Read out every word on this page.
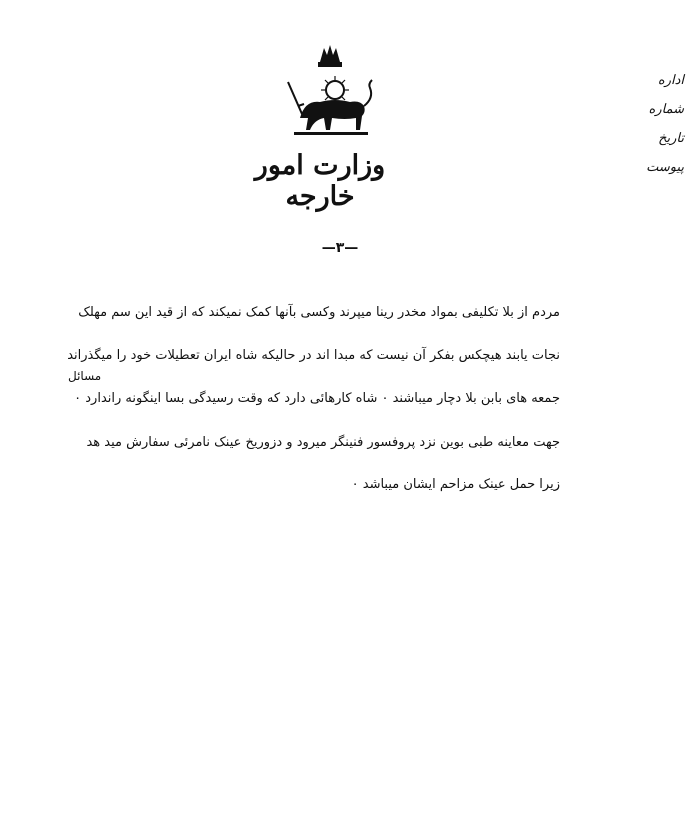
وزارت امور خارجه
اداره
شماره
تاریخ
پیوست
—۳—
مردم از بلا تکلیفی بمواد مخدر رینا میپرند وکسی بآنها کمک نمیکند که از قید این سم مهلک
نجات یابند هیچکس بفکر آن نیست که مبدا اند در حالیکه شاه ایران تعطیلات خود را میگذراند
جمعه های بابن بلا دچار میباشند ۰ شاه کارهائی دارد که وقت رسیدگی بسا اینگونه راندارد ۰
جهت معاینه طبی بوین نزد پروفسور فنینگر میرود و دزوریخ عینک نامرئی سفارش مید هد
زیرا حمل عینک مزاحم ایشان میباشد ۰
مسائل
